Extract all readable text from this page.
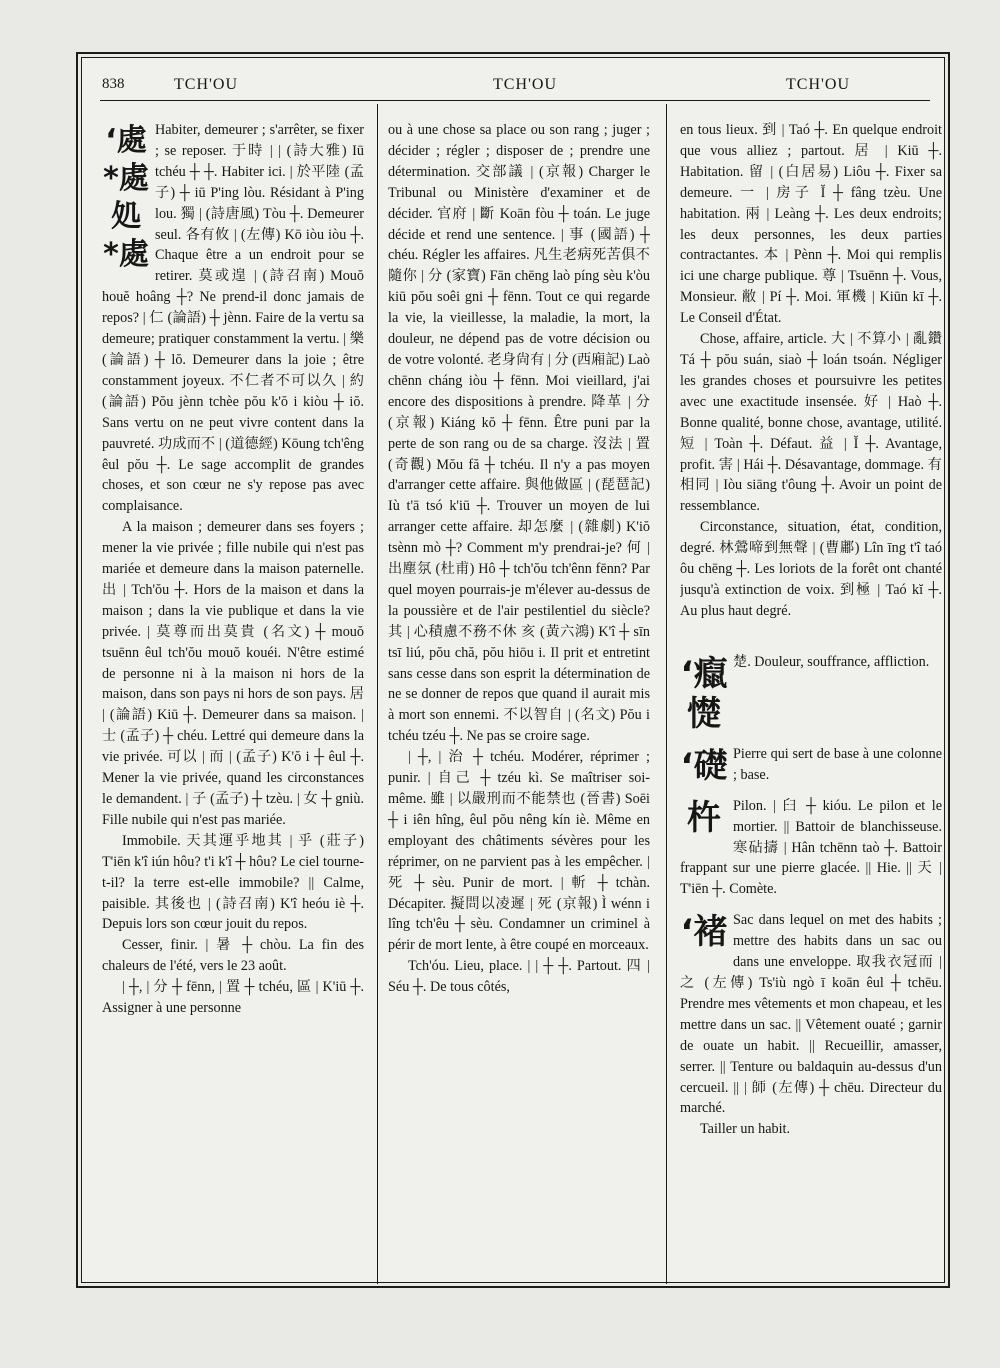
838	TCH'OU	TCH'OU	TCH'OU
‘處
*處
処
*處

Habiter, demeurer ; s'arrêter, se fixer ; se reposer. 于時 | | (詩大雅) Iū tchéu ┼ ┼. Habiter ici. | 於平陸 (孟子) ┼ iū P'ing lòu. Résidant à P'ing lou. 獨 | (詩唐風) Tòu ┼. Demeurer seul. 各有攸 | (左傳) Kō iòu iòu ┼. Chaque être a un endroit pour se retirer. 莫或遑 | (詩召南) Mouŏ houĕ hoâng ┼? Ne prend-il donc jamais de repos? | 仁 (論語) ┼ jènn. Faire de la vertu sa demeure; pratiquer constamment la vertu. | 樂 (論語) ┼ lŏ. Demeurer dans la joie ; être constamment joyeux. 不仁者不可以久 | 約 (論語) Pŏu jènn tchèe pŏu k'ŏ i kiòu ┼ iŏ. Sans vertu on ne peut vivre content dans la pauvreté. 功成而不 | (道德經) Kōung tch'êng êul pŏu ┼. Le sage accomplit de grandes choses, et son cœur ne s'y repose pas avec complaisance.

A la maison ; demeurer dans ses foyers ; mener la vie privée ; fille nubile qui n'est pas mariée et demeure dans la maison paternelle. 出 | Tch'ŏu ┼. Hors de la maison et dans la maison ; dans la vie publique et dans la vie privée. | 莫尊而出莫貴 (名文) ┼ mouŏ tsuēnn êul tch'ŏu mouŏ kouéi. N'être estimé de personne ni à la maison ni hors de la maison, dans son pays ni hors de son pays. 居 | (論語) Kiū ┼. Demeurer dans sa maison. | 士 (孟子) ┼ chéu. Lettré qui demeure dans la vie privée. 可以 | 而 | (孟子) K'ŏ i ┼ êul ┼. Mener la vie privée, quand les circonstances le demandent. | 子 (孟子) ┼ tzèu. | 女 ┼ gniù. Fille nubile qui n'est pas mariée.

Immobile. 天其運乎地其 | 乎 (莊子) T'iēn k'î iún hôu? t'i k'î ┼ hôu? Le ciel tourne-t-il? la terre est-elle immobile? || Calme, paisible. 其後也 | (詩召南) K'î heóu iè ┼. Depuis lors son cœur jouit du repos.

Cesser, finir. | 暑 ┼ chòu. La fin des chaleurs de l'été, vers le 23 août.

| ┼, | 分 ┼ fēnn, | 置 ┼ tchéu, 區 | K'iū ┼. Assigner à une personne

ou à une chose sa place ou son rang ; juger ; décider ; régler ; disposer de ; prendre une détermination. 交部議 | (京報) Charger le Tribunal ou Ministère d'examiner et de décider. 官府 | 斷 Koān fòu ┼ toán. Le juge décide et rend une sentence. | 事 (國語) ┼ chéu. Régler les affaires. 凡生老病死苦俱不隨你 | 分 (家寶) Fān chēng laò píng sèu k'òu kiū pŏu soêi gni ┼ fēnn. Tout ce qui regarde la vie, la vieillesse, la maladie, la mort, la douleur, ne dépend pas de votre décision ou de votre volonté. 老身尙有 | 分 (西廂記) Laò chēnn cháng iòu ┼ fēnn. Moi vieillard, j'ai encore des dispositions à prendre. 降革 | 分 (京報) Kiáng kŏ ┼ fēnn. Être puni par la perte de son rang ou de sa charge. 沒法 | 置 (奇觀) Mŏu fă ┼ tchéu. Il n'y a pas moyen d'arranger cette affaire. 與他做區 | (琵琶記) Iù t'ā tsó k'iū ┼. Trouver un moyen de lui arranger cette affaire. 却怎麼 | (雜劇) K'iŏ tsènn mò ┼? Comment m'y prendrai-je? 何 | 出塵氛 (杜甫) Hô ┼ tch'ŏu tch'ênn fēnn? Par quel moyen pourrais-je m'élever au-dessus de la poussière et de l'air pestilentiel du siècle? 其 | 心積慮不務不休 亥 (黃六鴻) K'î ┼ sīn tsī liú, pŏu chă, pŏu hiōu i. Il prit et entretint sans cesse dans son esprit la détermination de ne se donner de repos que quand il aurait mis à mort son ennemi. 不以智自 | (名文) Pŏu i tchéu tzéu ┼. Ne pas se croire sage.

| ┼, | 治 ┼ tchéu. Modérer, réprimer ; punir. | 自己 ┼ tzéu kì. Se maîtriser soi-même. 雖 | 以嚴刑而不能禁也 (晉書) Soēi ┼ i iên hîng, êul pŏu nêng kín iè. Même en employant des châtiments sévères pour les réprimer, on ne parvient pas à les empêcher. | 死 ┼ sèu. Punir de mort. | 斬 ┼ tchàn. Décapiter. 擬問以凌遲 | 死 (京報) Ì wénn i lîng tch'êu ┼ sèu. Condamner un criminel à périr de mort lente, à être coupé en morceaux.

Tch'óu. Lieu, place. | | ┼ ┼. Partout. 四 | Séu ┼. De tous côtés,

en tous lieux. 到 | Taó ┼. En quelque endroit que vous alliez ; partout. 居 | Kiū ┼. Habitation. 留 | (白居易) Liôu ┼. Fixer sa demeure. 一 | 房子 Ĭ ┼ fâng tzèu. Une habitation. 兩 | Leàng ┼. Les deux endroits; les deux personnes, les deux parties contractantes. 本 | Pènn ┼. Moi qui remplis ici une charge publique. 尊 | Tsuēnn ┼. Vous, Monsieur. 敝 | Pí ┼. Moi. 軍機 | Kiūn kī ┼. Le Conseil d'État.

Chose, affaire, article. 大 | 不算小 | 亂鑽 Tá ┼ pŏu suán, siaò ┼ loán tsoán. Négliger les grandes choses et poursuivre les petites avec une exactitude insensée. 好 | Haò ┼. Bonne qualité, bonne chose, avantage, utilité. 短 | Toàn ┼. Défaut. 益 | Ĭ ┼. Avantage, profit. 害 | Hái ┼. Désavantage, dommage. 有相同 | Iòu siāng t'ôung ┼. Avoir un point de ressemblance.

Circonstance, situation, état, condition, degré. 林鶯啼到無聲 | (曹鄘) Lîn īng t'î taó ôu chēng ┼. Les loriots de la forêt ont chanté jusqu'à extinction de voix. 到極 | Taó kĭ ┼. Au plus haut degré.

‘癙 憷

楚. Douleur, souffrance, affliction.

‘礎 Pierre qui sert de base à une colonne ; base.

杵 Pilon. | 臼 ┼ kióu. Le pilon et le mortier. || Battoir de blanchisseuse. 寒砧擣 | Hân tchēnn taò ┼. Battoir frappant sur une pierre glacée. || Hie. || 天 | T'iēn ┼. Comète.

‘褚 Sac dans lequel on met des habits ; mettre des habits dans un sac ou dans une enveloppe. 取我衣冠而 | 之 (左傳) Ts'iù ngò ī koān êul ┼ tchēu. Prendre mes vêtements et mon chapeau, et les mettre dans un sac. || Vêtement ouaté ; garnir de ouate un habit. || Recueillir, amasser, serrer. || Tenture ou baldaquin au-dessus d'un cercueil. || | 師 (左傳) ┼ chēu. Directeur du marché.

Tailler un habit.
